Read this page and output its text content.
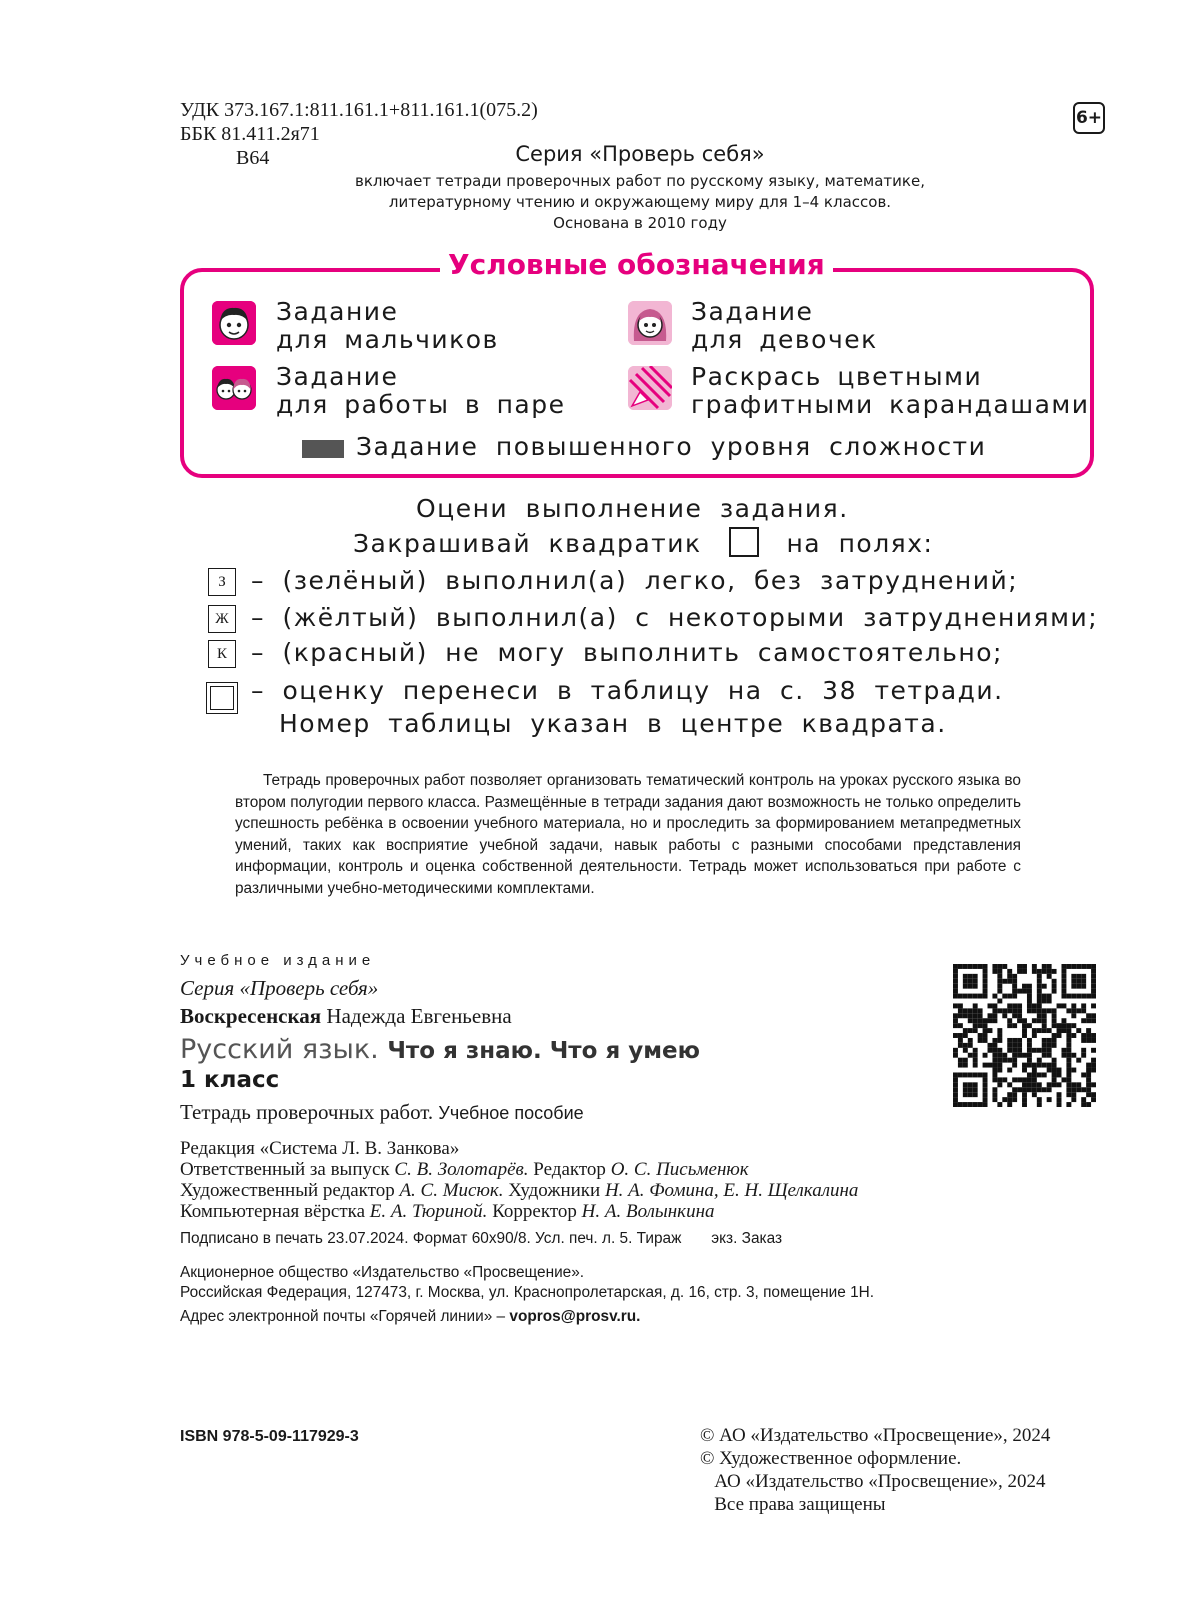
УДК 373.167.1:811.161.1+811.161.1(075.2)
ББК 81.411.2я71
В64
6+
Серия «Проверь себя»
включает тетради проверочных работ по русскому языку, математике,
литературному чтению и окружающему миру для 1–4 классов.
Основана в 2010 году
Условные обозначения
Задание
для мальчиков
Задание
для девочек
Задание
для работы в паре
Раскрась цветными
графитными карандашами
Задание повышенного уровня сложности
Оцени выполнение задания.
Закрашивай квадратик	на полях:
З	– (зелёный) выполнил(а) легко, без затруднений;
Ж – (жёлтый) выполнил(а) с некоторыми затруднениями;
К – (красный) не могу выполнить самостоятельно;
– оценку перенеси в таблицу на с. 38 тетради.
Номер таблицы указан в центре квадрата.
Тетрадь проверочных работ позволяет организовать тематический контроль на уроках русского языка во втором полугодии первого класса. Размещённые в тетради задания дают возможность не только определить успешность ребёнка в освоении учебного материала, но и проследить за формированием метапредметных умений, таких как восприятие учебной задачи, навык работы с разными способами представления информации, контроль и оценка собственной деятельности. Тетрадь может использоваться при работе с различными учебно-методическими комплектами.
Учебное издание
Серия «Проверь себя»
Воскресенская Надежда Евгеньевна
Русский язык. Что я знаю. Что я умею
1 класс
Тетрадь проверочных работ. Учебное пособие
Редакция «Система Л. В. Занкова»
Ответственный за выпуск С. В. Золотарёв. Редактор О. С. Письменюк
Художественный редактор А. С. Мисюк. Художники Н. А. Фомина, Е. Н. Щелкалина
Компьютерная вёрстка Е. А. Тюриной. Корректор Н. А. Волынкина
Подписано в печать 23.07.2024. Формат 60х90/8. Усл. печ. л. 5. Тираж       экз. Заказ
Акционерное общество «Издательство «Просвещение».
Российская Федерация, 127473, г. Москва, ул. Краснопролетарская, д. 16, стр. 3, помещение 1Н.
Адрес электронной почты «Горячей линии» – vopros@prosv.ru.
ISBN 978-5-09-117929-3	© АО «Издательство «Просвещение», 2024
© Художественное оформление.
АО «Издательство «Просвещение», 2024
Все права защищены
